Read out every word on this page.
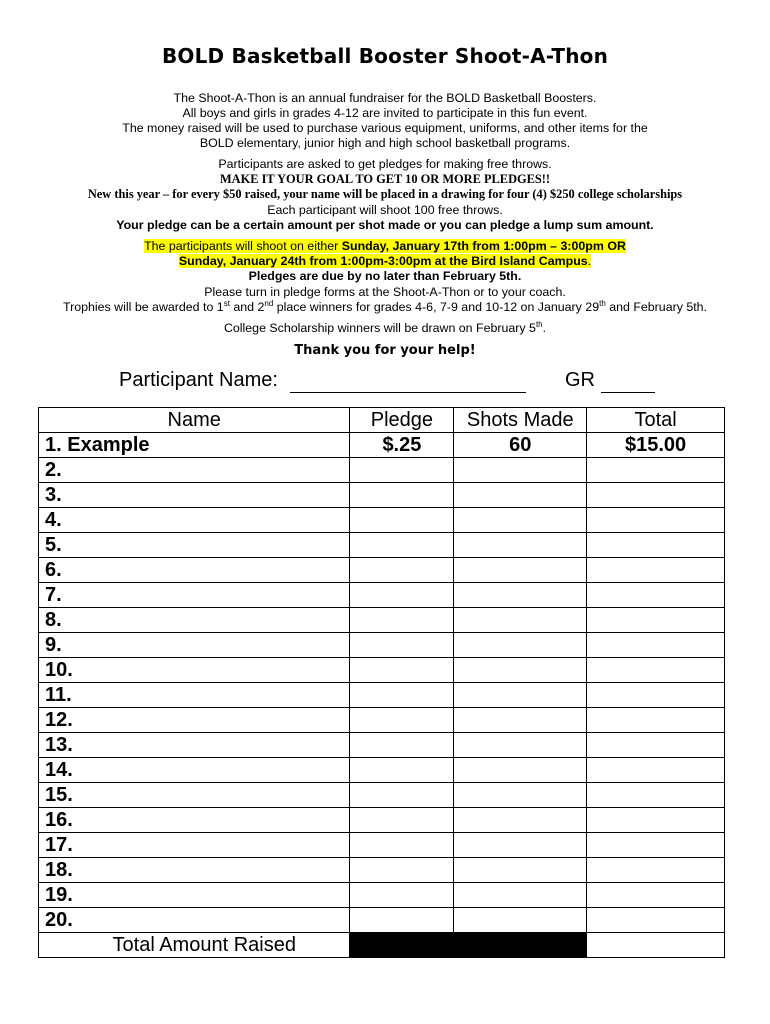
BOLD Basketball Booster Shoot-A-Thon

The Shoot-A-Thon is an annual fundraiser for the BOLD Basketball Boosters.

All boys and girls in grades 4-12 are invited to participate in this fun event.

The money raised will be used to purchase various equipment, uniforms, and other items for the

BOLD elementary, junior high and high school basketball programs.

Participants are asked to get pledges for making free throws.

MAKE IT YOUR GOAL TO GET 10 OR MORE PLEDGES!!

New this year – for every $50 raised, your name will be placed in a drawing for four (4) $250 college scholarships

Each participant will shoot 100 free throws.

Your pledge can be a certain amount per shot made or you can pledge a lump sum amount.

The participants will shoot on either Sunday, January 17th from 1:00pm – 3:00pm OR

Sunday, January 24th from 1:00pm-3:00pm at the Bird Island Campus.

Pledges are due by no later than February 5th.

Please turn in pledge forms at the Shoot-A-Thon or to your coach.

Trophies will be awarded to 1st and 2nd place winners for grades 4-6, 7-9 and 10-12 on January 29th and February 5th.

College Scholarship winners will be drawn on February 5th.

Thank you for your help!
Participant Name:	GR
Name	Pledge	Shots Made	Total
1. Example	$.25	60	$15.00
2.			
3.			
4.			
5.			
6.			
7.			
8.			
9.			
10.			
11.			
12.			
13.			
14.			
15.			
16.			
17.			
18.			
19.			
20.			
Total Amount Raised			
